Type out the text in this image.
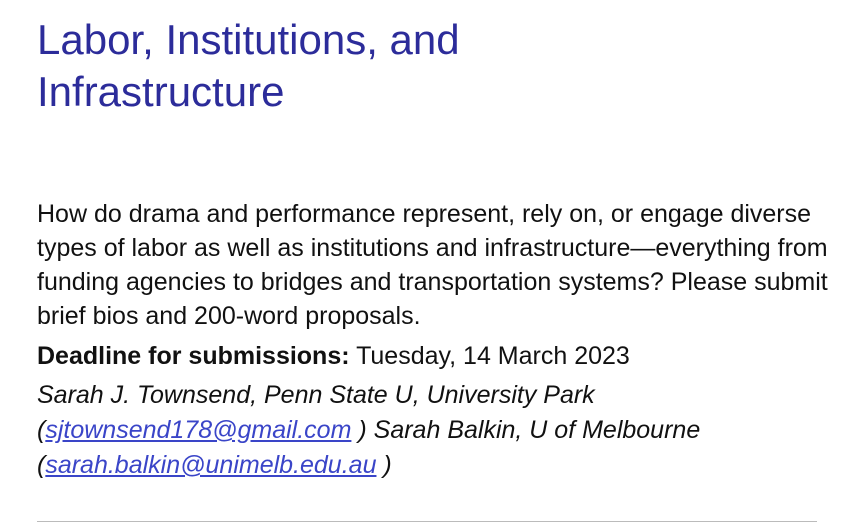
Labor, Institutions, and
Infrastructure

How do drama and performance represent, rely on, or engage diverse types of labor as well as institutions and infrastructure—everything from funding agencies to bridges and transportation systems? Please submit brief bios and 200-word proposals.

Deadline for submissions: Tuesday, 14 March 2023

Sarah J. Townsend, Penn State U, University Park
(sjtownsend178@gmail.com ) Sarah Balkin, U of Melbourne
(sarah.balkin@unimelb.edu.au )
